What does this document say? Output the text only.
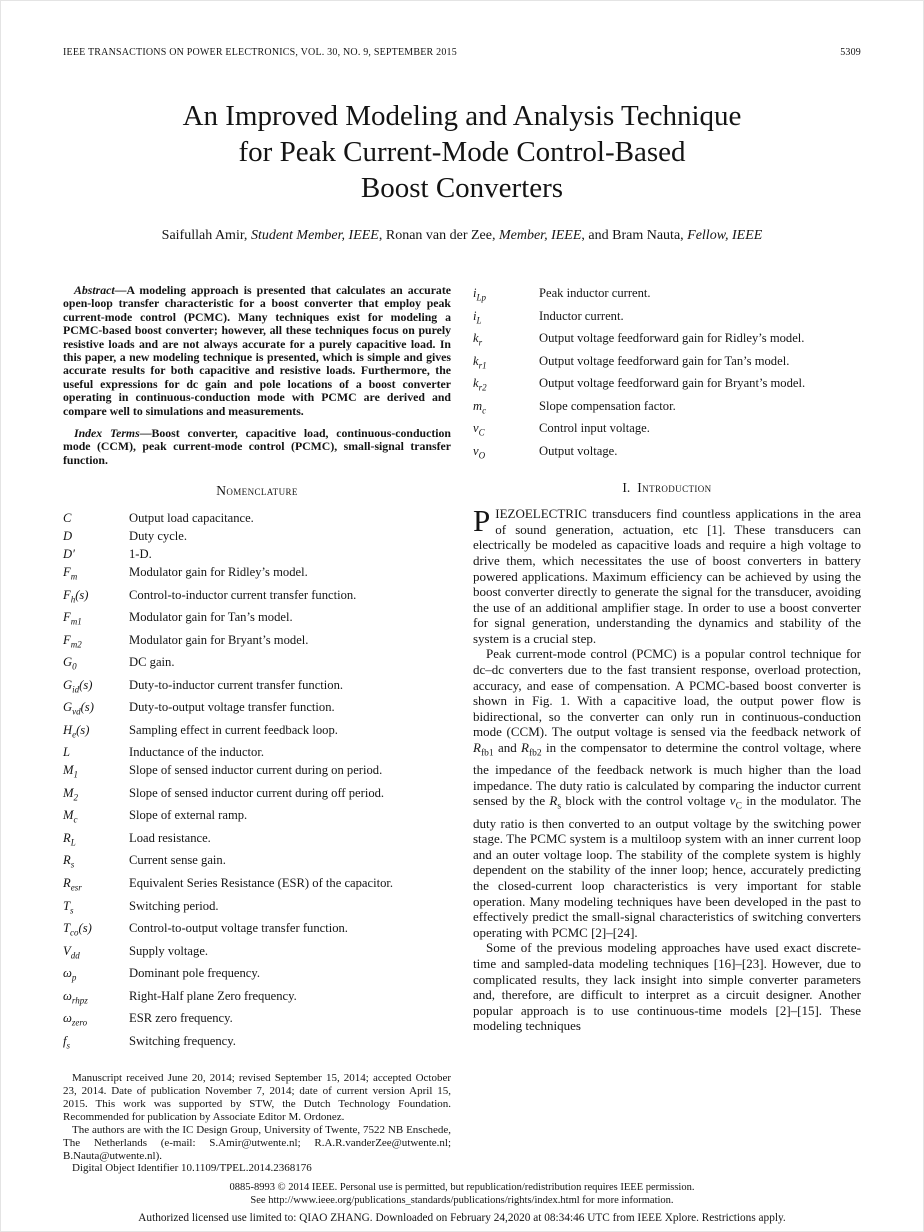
IEEE TRANSACTIONS ON POWER ELECTRONICS, VOL. 30, NO. 9, SEPTEMBER 2015	5309
An Improved Modeling and Analysis Technique
for Peak Current-Mode Control-Based
Boost Converters
Saifullah Amir, Student Member, IEEE, Ronan van der Zee, Member, IEEE, and Bram Nauta, Fellow, IEEE

Abstract—A modeling approach is presented that calculates an accurate open-loop transfer characteristic for a boost converter that employ peak current-mode control (PCMC). Many techniques exist for modeling a PCMC-based boost converter; however, all these techniques focus on purely resistive loads and are not always accurate for a purely capacitive load. In this paper, a new modeling technique is presented, which is simple and gives accurate results for both capacitive and resistive loads. Furthermore, the useful expressions for dc gain and pole locations of a boost converter operating in continuous-conduction mode with PCMC are derived and compare well to simulations and measurements.

Index Terms—Boost converter, capacitive load, continuous-conduction mode (CCM), peak current-mode control (PCMC), small-signal transfer function.

Nomenclature
C	Output load capacitance.
D	Duty cycle.
D′	1-D.
$F_m$	Modulator gain for Ridley’s model.
$F_h(s)$	Control-to-inductor current transfer function.
$F_{m1}$	Modulator gain for Tan’s model.
$F_{m2}$	Modulator gain for Bryant’s model.
$G_0$	DC gain.
$G_{id}(s)$	Duty-to-inductor current transfer function.
$G_{vd}(s)$	Duty-to-output voltage transfer function.
$H_e(s)$	Sampling effect in current feedback loop.
L	Inductance of the inductor.
$M_1$	Slope of sensed inductor current during on period.
$M_2$	Slope of sensed inductor current during off period.
$M_c$	Slope of external ramp.
$R_L$	Load resistance.
$R_s$	Current sense gain.
$R_{esr}$	Equivalent Series Resistance (ESR) of the capacitor.
$T_s$	Switching period.
$T_{co}(s)$	Control-to-output voltage transfer function.
$V_{dd}$	Supply voltage.
$\omega_p$	Dominant pole frequency.
$\omega_{rhpz}$	Right-Half plane Zero frequency.
$\omega_{zero}$	ESR zero frequency.
$f_s$	Switching frequency.

Manuscript received June 20, 2014; revised September 15, 2014; accepted October 23, 2014. Date of publication November 7, 2014; date of current version April 15, 2015. This work was supported by STW, the Dutch Technology Foundation. Recommended for publication by Associate Editor M. Ordonez.

The authors are with the IC Design Group, University of Twente, 7522 NB Enschede, The Netherlands (e-mail: S.Amir@utwente.nl; R.A.R.vanderZee@utwente.nl; B.Nauta@utwente.nl).

Digital Object Identifier 10.1109/TPEL.2014.2368176

$i_{Lp}$	Peak inductor current.
$i_L$	Inductor current.
$k_r$	Output voltage feedforward gain for Ridley’s model.
$k_{r1}$	Output voltage feedforward gain for Tan’s model.
$k_{r2}$	Output voltage feedforward gain for Bryant’s model.
$m_c$	Slope compensation factor.
$v_C$	Control input voltage.
$v_O$	Output voltage.
I. Introduction

PIEZOELECTRIC transducers find countless applications in the area of sound generation, actuation, etc [1]. These transducers can electrically be modeled as capacitive loads and require a high voltage to drive them, which necessitates the use of boost converters in battery powered applications. Maximum efficiency can be achieved by using the boost converter directly to generate the signal for the transducer, avoiding the use of an additional amplifier stage. In order to use a boost converter for signal generation, understanding the dynamics and stability of the system is a crucial step.

Peak current-mode control (PCMC) is a popular control technique for dc–dc converters due to the fast transient response, overload protection, accuracy, and ease of compensation. A PCMC-based boost converter is shown in Fig. 1. With a capacitive load, the output power flow is bidirectional, so the converter can only run in continuous-conduction mode (CCM). The output voltage is sensed via the feedback network of $R_{fb1}$ and $R_{fb2}$ in the compensator to determine the control voltage, where the impedance of the feedback network is much higher than the load impedance. The duty ratio is calculated by comparing the inductor current sensed by the $R_s$ block with the control voltage $v_C$ in the modulator. The duty ratio is then converted to an output voltage by the switching power stage. The PCMC system is a multiloop system with an inner current loop and an outer voltage loop. The stability of the complete system is highly dependent on the stability of the inner loop; hence, accurately predicting the closed-current loop characteristics is very important for stable operation. Many modeling techniques have been developed in the past to effectively predict the small-signal characteristics of switching converters operating with PCMC [2]–[24].

Some of the previous modeling approaches have used exact discrete-time and sampled-data modeling techniques [16]–[23]. However, due to complicated results, they lack insight into simple converter parameters and, therefore, are difficult to interpret as a circuit designer. Another popular approach is to use continuous-time models [2]–[15]. These modeling techniques

0885-8993 © 2014 IEEE. Personal use is permitted, but republication/redistribution requires IEEE permission.
See http://www.ieee.org/publications_standards/publications/rights/index.html for more information.
Authorized licensed use limited to: QIAO ZHANG. Downloaded on February 24,2020 at 08:34:46 UTC from IEEE Xplore. Restrictions apply.
